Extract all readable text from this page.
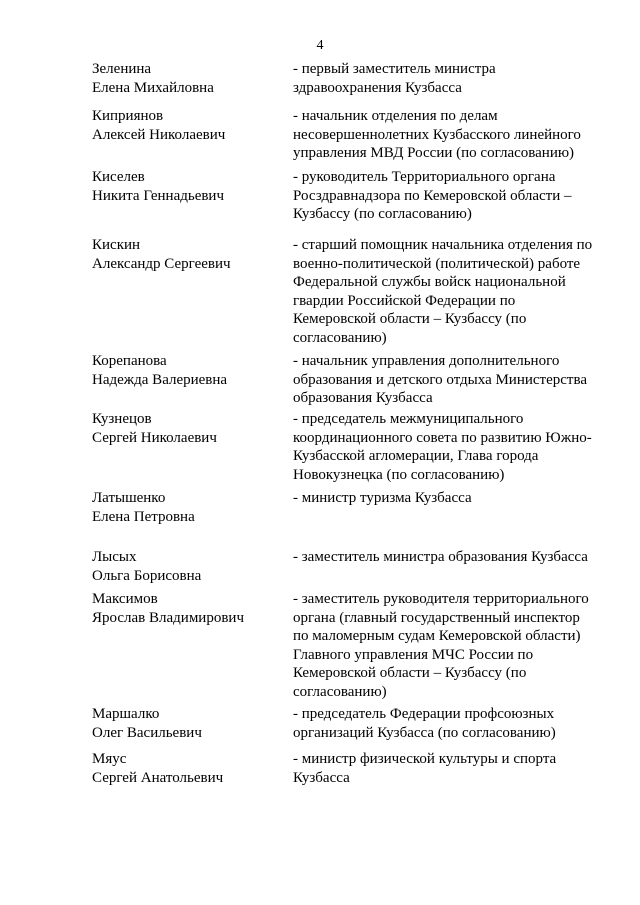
4
Зеленина
Елена Михайловна
- первый заместитель министра
здравоохранения Кузбасса
Киприянов
Алексей Николаевич
- начальник отделения по делам
несовершеннолетних Кузбасского линейного
управления МВД России (по согласованию)
Киселев
Никита Геннадьевич
- руководитель Территориального органа
Росздравнадзора по Кемеровской области –
Кузбассу (по согласованию)
Кискин
Александр Сергеевич
- старший помощник начальника отделения по
военно-политической (политической) работе
Федеральной службы войск национальной
гвардии Российской Федерации по
Кемеровской области – Кузбассу (по
согласованию)
Корепанова
Надежда Валериевна
- начальник управления дополнительного
образования и детского отдыха Министерства
образования Кузбасса
Кузнецов
Сергей Николаевич
- председатель межмуниципального
координационного совета по развитию Южно-
Кузбасской агломерации, Глава города
Новокузнецка (по согласованию)
Латышенко
Елена Петровна
- министр туризма Кузбасса
Лысых
Ольга Борисовна
- заместитель министра образования Кузбасса
Максимов
Ярослав Владимирович
- заместитель руководителя территориального
органа (главный государственный инспектор
по маломерным судам Кемеровской области)
Главного управления МЧС России по
Кемеровской области – Кузбассу (по
согласованию)
Маршалко
Олег Васильевич
- председатель Федерации профсоюзных
организаций Кузбасса (по согласованию)
Мяус
Сергей Анатольевич
- министр физической культуры и спорта
Кузбасса
